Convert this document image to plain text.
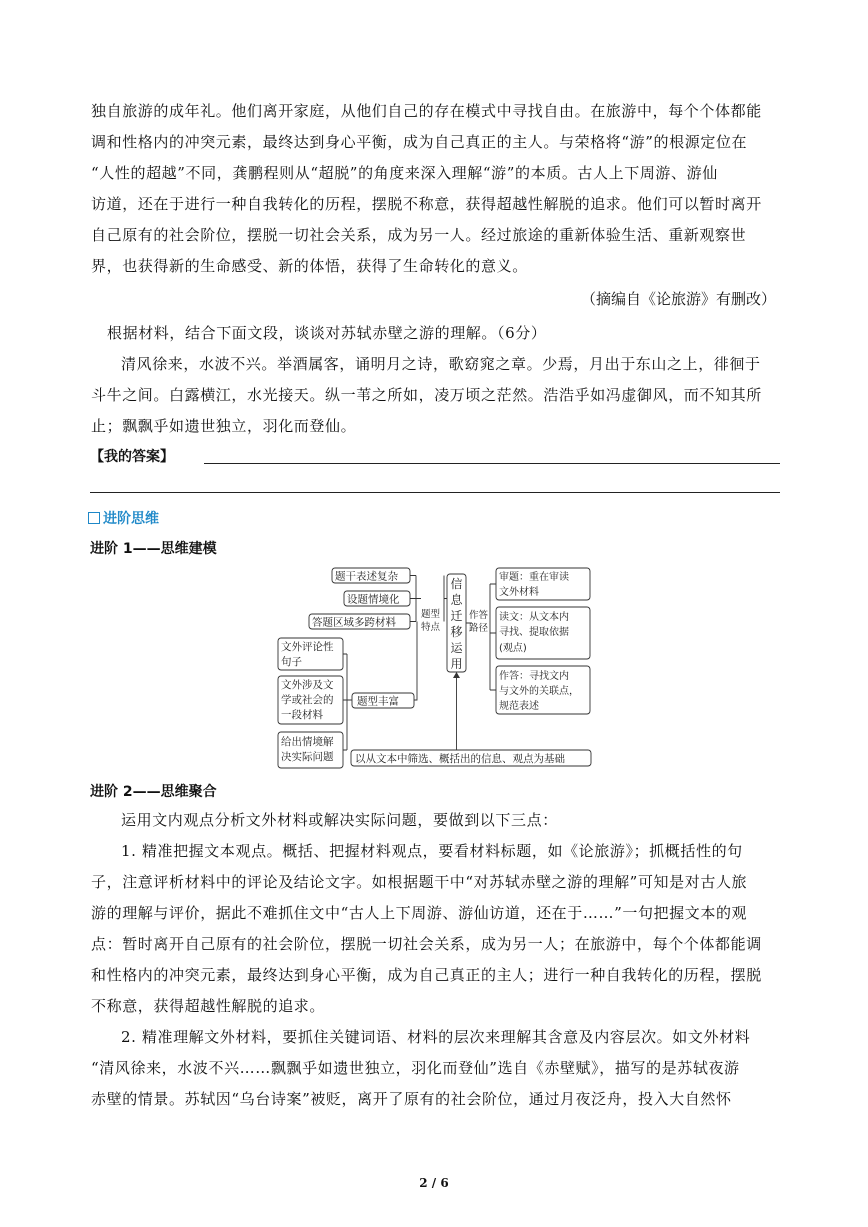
独自旅游的成年礼。他们离开家庭，从他们自己的存在模式中寻找自由。在旅游中，每个个体都能
调和性格内的冲突元素，最终达到身心平衡，成为自己真正的主人。与荣格将“游”的根源定位在
“人性的超越”不同，龚鹏程则从“超脱”的角度来深入理解“游”的本质。古人上下周游、游仙
访道，还在于进行一种自我转化的历程，摆脱不称意，获得超越性解脱的追求。他们可以暂时离开
自己原有的社会阶位，摆脱一切社会关系，成为另一人。经过旅途的重新体验生活、重新观察世
界，也获得新的生命感受、新的体悟，获得了生命转化的意义。
（摘编自《论旅游》有删改）
根据材料，结合下面文段，谈谈对苏轼赤壁之游的理解。（6分）
清风徐来，水波不兴。举酒属客，诵明月之诗，歌窈窕之章。少焉，月出于东山之上，徘徊于
斗牛之间。白露横江，水光接天。纵一苇之所如，凌万顷之茫然。浩浩乎如冯虚御风，而不知其所
止；飘飘乎如遗世独立，羽化而登仙。
【我的答案】
进阶思维
进阶 1——思维建模
题干表述复杂
设题情境化
答题区域多跨材料
文外评论性
句子
文外涉及文
学或社会的
一段材料
给出情境解
决实际问题
题型
特点
题型丰富
信
息
迁
移
运
用
作答
路径
审题：重在审读
文外材料
读文：从文本内
寻找、提取依据
(观点)
作答：寻找文内
与文外的关联点，
规范表述
以从文本中筛选、概括出的信息、观点为基础
进阶 2——思维聚合
运用文内观点分析文外材料或解决实际问题，要做到以下三点：
1. 精准把握文本观点。概括、把握材料观点，要看材料标题，如《论旅游》；抓概括性的句
子，注意评析材料中的评论及结论文字。如根据题干中“对苏轼赤壁之游的理解”可知是对古人旅
游的理解与评价，据此不难抓住文中“古人上下周游、游仙访道，还在于……”一句把握文本的观
点：暂时离开自己原有的社会阶位，摆脱一切社会关系，成为另一人；在旅游中，每个个体都能调
和性格内的冲突元素，最终达到身心平衡，成为自己真正的主人；进行一种自我转化的历程，摆脱
不称意，获得超越性解脱的追求。
2. 精准理解文外材料，要抓住关键词语、材料的层次来理解其含意及内容层次。如文外材料
“清风徐来，水波不兴……飘飘乎如遗世独立，羽化而登仙”选自《赤壁赋》，描写的是苏轼夜游
赤壁的情景。苏轼因“乌台诗案”被贬，离开了原有的社会阶位，通过月夜泛舟，投入大自然怀
2 / 6
